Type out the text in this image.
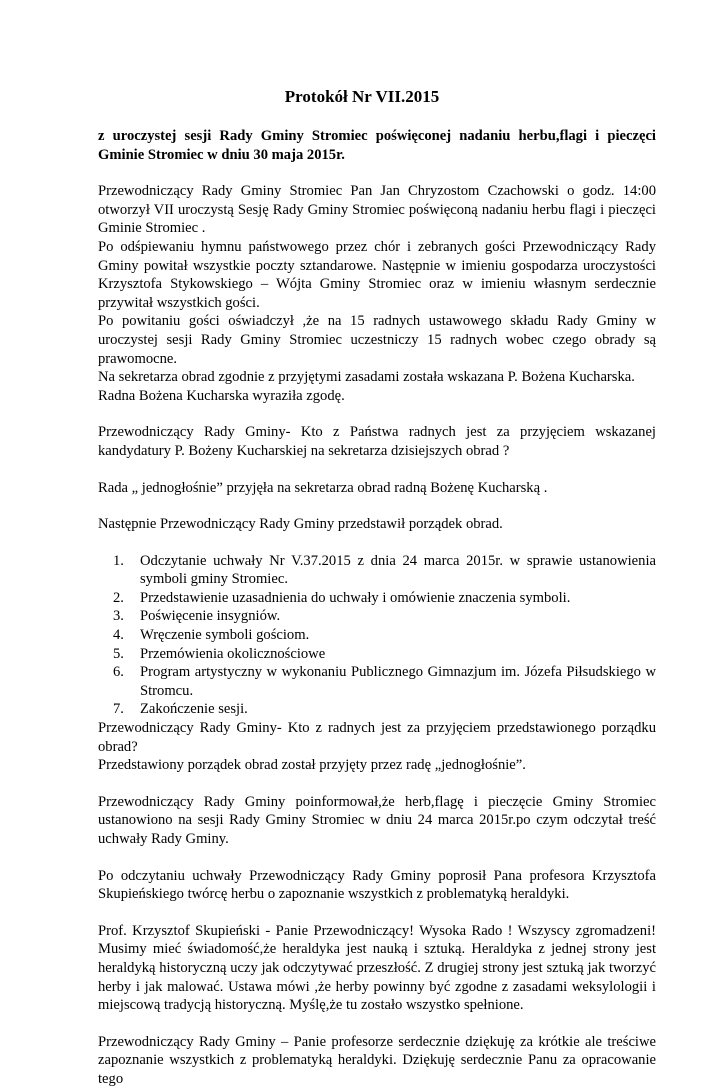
Protokół Nr VII.2015

z uroczystej sesji Rady Gminy Stromiec poświęconej nadaniu herbu,flagi i pieczęci Gminie Stromiec w dniu 30 maja 2015r.

Przewodniczący Rady Gminy Stromiec Pan Jan Chryzostom Czachowski o godz. 14:00 otworzył VII uroczystą Sesję Rady Gminy Stromiec poświęconą nadaniu herbu flagi i pieczęci Gminie Stromiec .

Po odśpiewaniu hymnu państwowego przez chór i zebranych gości Przewodniczący Rady Gminy powitał wszystkie poczty sztandarowe. Następnie w imieniu gospodarza uroczystości Krzysztofa Stykowskiego – Wójta Gminy Stromiec oraz w imieniu własnym serdecznie przywitał wszystkich gości.

Po powitaniu gości oświadczył ,że na 15 radnych ustawowego składu Rady Gminy w uroczystej sesji Rady Gminy Stromiec uczestniczy 15 radnych wobec czego obrady są prawomocne.

Na sekretarza obrad zgodnie z przyjętymi zasadami została wskazana P. Bożena Kucharska.

Radna Bożena Kucharska wyraziła zgodę.

Przewodniczący Rady Gminy- Kto z Państwa radnych jest za przyjęciem wskazanej kandydatury P. Bożeny Kucharskiej na sekretarza dzisiejszych obrad ?

Rada „ jednogłośnie” przyjęła na sekretarza obrad radną Bożenę Kucharską .

Następnie Przewodniczący Rady Gminy przedstawił porządek obrad.

1. Odczytanie uchwały Nr V.37.2015 z dnia 24 marca 2015r. w sprawie ustanowienia symboli gminy Stromiec.
2. Przedstawienie uzasadnienia do uchwały i omówienie znaczenia symboli.
3. Poświęcenie insygniów.
4. Wręczenie symboli gościom.
5. Przemówienia okolicznościowe
6. Program artystyczny w wykonaniu Publicznego Gimnazjum im. Józefa Piłsudskiego w Stromcu.
7. Zakończenie sesji.

Przewodniczący Rady Gminy- Kto z radnych jest za przyjęciem przedstawionego porządku obrad?

Przedstawiony porządek obrad został przyjęty przez radę „jednogłośnie”.

Przewodniczący Rady Gminy poinformował,że herb,flagę i pieczęcie Gminy Stromiec ustanowiono na sesji Rady Gminy Stromiec w dniu 24 marca 2015r.po czym odczytał treść uchwały Rady Gminy.

Po odczytaniu uchwały Przewodniczący Rady Gminy poprosił Pana profesora Krzysztofa Skupieńskiego twórcę herbu o zapoznanie wszystkich z problematyką heraldyki.

Prof. Krzysztof Skupieński - Panie Przewodniczący! Wysoka Rado ! Wszyscy zgromadzeni! Musimy mieć świadomość,że heraldyka jest nauką i sztuką. Heraldyka z jednej strony jest heraldyką historyczną uczy jak odczytywać przeszłość. Z drugiej strony jest sztuką jak tworzyć herby i jak malować. Ustawa mówi ,że herby powinny być zgodne z zasadami weksylologii i miejscową tradycją historyczną. Myślę,że tu zostało wszystko spełnione.

Przewodniczący Rady Gminy – Panie profesorze serdecznie dziękuję za krótkie ale treściwe zapoznanie wszystkich z problematyką heraldyki. Dziękuję serdecznie Panu za opracowanie tego
